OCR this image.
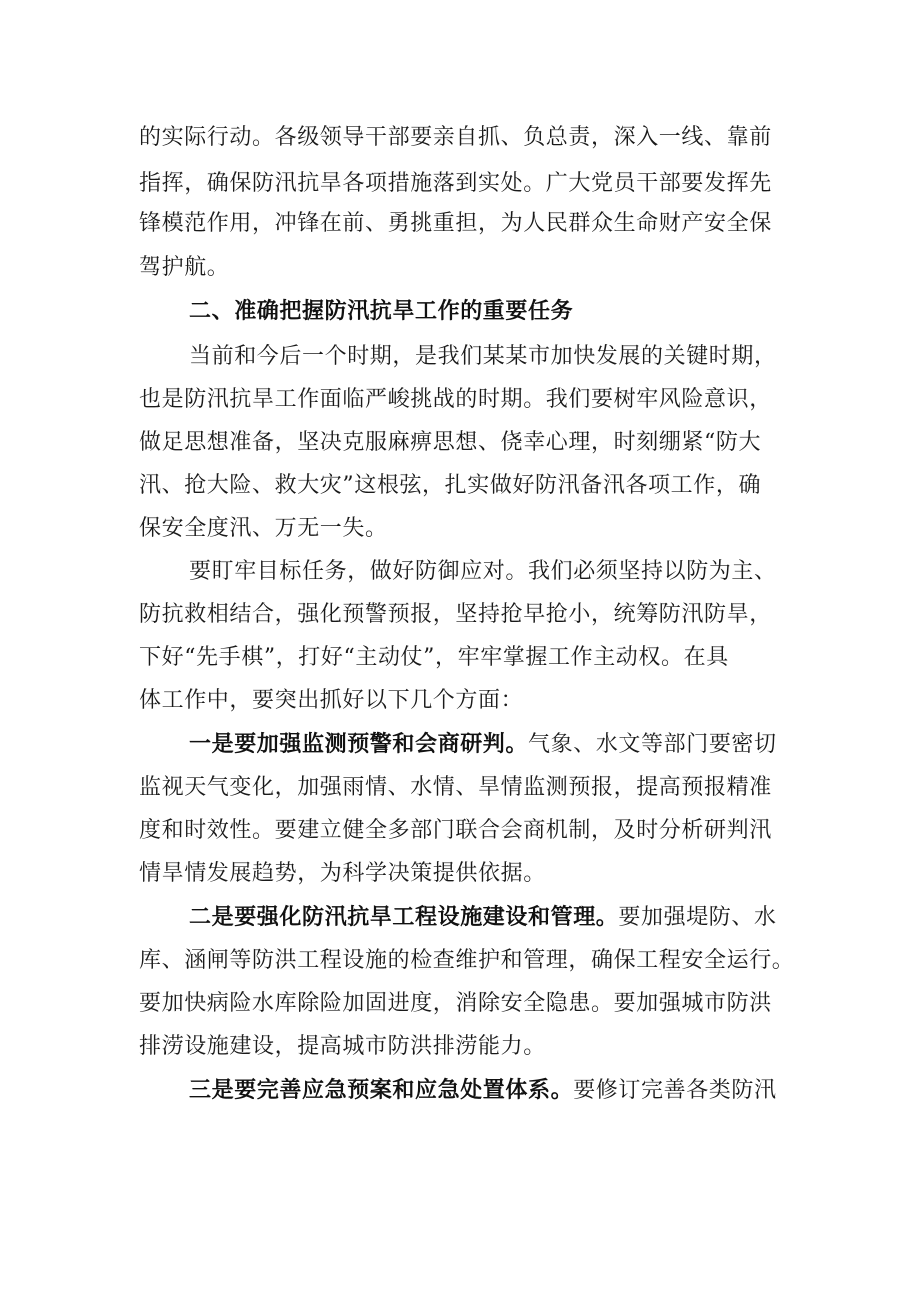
的实际行动。各级领导干部要亲自抓、负总责，深入一线、靠前
指挥，确保防汛抗旱各项措施落到实处。广大党员干部要发挥先
锋模范作用，冲锋在前、勇挑重担，为人民群众生命财产安全保
驾护航。
二、准确把握防汛抗旱工作的重要任务
当前和今后一个时期，是我们某某市加快发展的关键时期，
也是防汛抗旱工作面临严峻挑战的时期。我们要树牢风险意识，
做足思想准备，坚决克服麻痹思想、侥幸心理，时刻绷紧“防大
汛、抢大险、救大灾”这根弦，扎实做好防汛备汛各项工作，确
保安全度汛、万无一失。
要盯牢目标任务，做好防御应对。我们必须坚持以防为主、
防抗救相结合，强化预警预报，坚持抢早抢小，统筹防汛防旱，
下好“先手棋”，打好“主动仗”，牢牢掌握工作主动权。在具
体工作中，要突出抓好以下几个方面：
一是要加强监测预警和会商研判。气象、水文等部门要密切
监视天气变化，加强雨情、水情、旱情监测预报，提高预报精准
度和时效性。要建立健全多部门联合会商机制，及时分析研判汛
情旱情发展趋势，为科学决策提供依据。
二是要强化防汛抗旱工程设施建设和管理。要加强堤防、水
库、涵闸等防洪工程设施的检查维护和管理，确保工程安全运行。
要加快病险水库除险加固进度，消除安全隐患。要加强城市防洪
排涝设施建设，提高城市防洪排涝能力。
三是要完善应急预案和应急处置体系。要修订完善各类防汛
